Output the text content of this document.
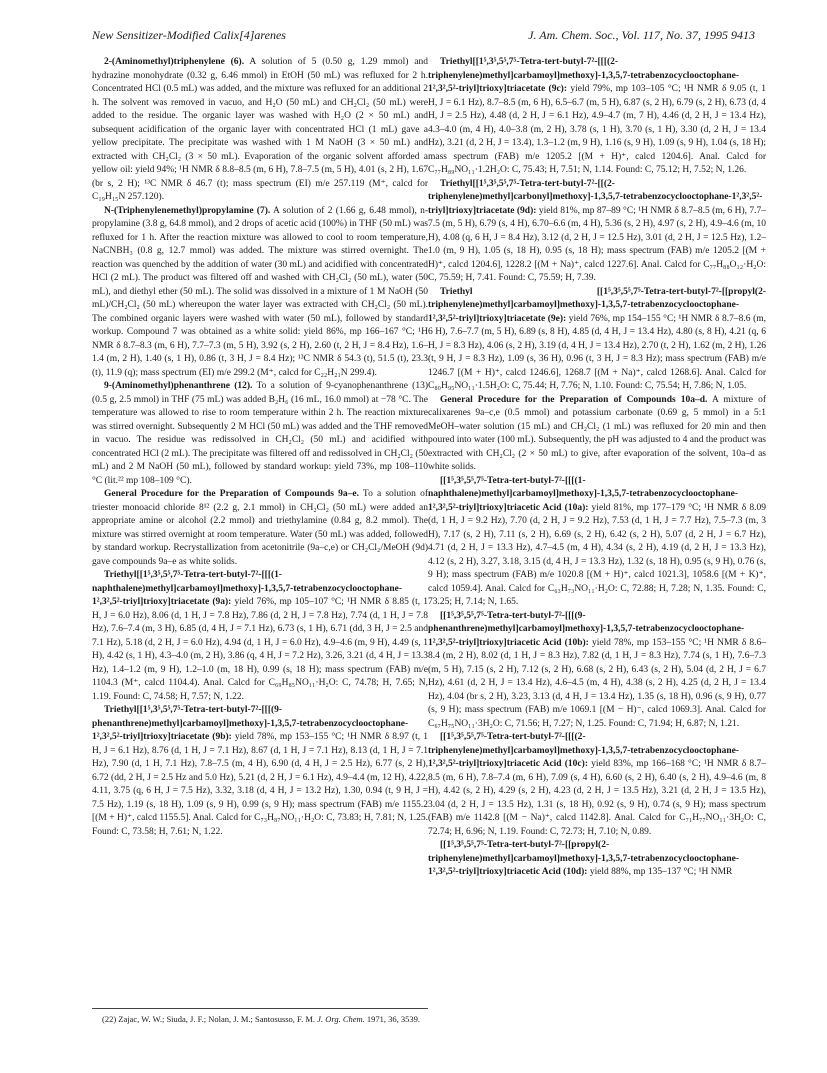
New Sensitizer-Modified Calix[4]arenes	J. Am. Chem. Soc., Vol. 117, No. 37, 1995 9413

2-(Aminomethyl)triphenylene (6). A solution of 5 (0.50 g, 1.29 mmol) and hydrazine monohydrate (0.32 g, 6.46 mmol) in EtOH (50 mL) was refluxed for 2 h. Concentrated HCl (0.5 mL) was added, and the mixture was refluxed for an additional 2 h. The solvent was removed in vacuo, and H₂O (50 mL) and CH₂Cl₂ (50 mL) were added to the residue. The organic layer was washed with H₂O (2 × 50 mL) and subsequent acidification of the organic layer with concentrated HCl (1 mL) gave a yellow precipitate. The precipitate was washed with 1 M NaOH (3 × 50 mL) and extracted with CH₂Cl₂ (3 × 50 mL). Evaporation of the organic solvent afforded a yellow oil: yield 94%; ¹H NMR δ 8.8–8.5 (m, 6 H), 7.8–7.5 (m, 5 H), 4.01 (s, 2 H), 1.67 (br s, 2 H); ¹³C NMR δ 46.7 (t); mass spectrum (EI) m/e 257.119 (M⁺, calcd for C₁₉H₁₅N 257.120).

N-(Triphenylenemethyl)propylamine (7). A solution of 2 (1.66 g, 6.48 mmol), n-propylamine (3.8 g, 64.8 mmol), and 2 drops of acetic acid (100%) in THF (50 mL) was refluxed for 1 h. After the reaction mixture was allowed to cool to room temperature, NaCNBH₃ (0.8 g, 12.7 mmol) was added. The mixture was stirred overnight. The reaction was quenched by the addition of water (30 mL) and acidified with concentrated HCl (2 mL). The product was filtered off and washed with CH₂Cl₂ (50 mL), water (50 mL), and diethyl ether (50 mL). The solid was dissolved in a mixture of 1 M NaOH (50 mL)/CH₂Cl₂ (50 mL) whereupon the water layer was extracted with CH₂Cl₂ (50 mL). The combined organic layers were washed with water (50 mL), followed by standard workup. Compound 7 was obtained as a white solid: yield 86%, mp 166–167 °C; ¹H NMR δ 8.7–8.3 (m, 6 H), 7.7–7.3 (m, 5 H), 3.92 (s, 2 H), 2.60 (t, 2 H, J = 8.4 Hz), 1.6–1.4 (m, 2 H), 1.40 (s, 1 H), 0.86 (t, 3 H, J = 8.4 Hz); ¹³C NMR δ 54.3 (t), 51.5 (t), 23.3 (t), 11.9 (q); mass spectrum (EI) m/e 299.2 (M⁺, calcd for C₂₂H₂₁N 299.4).

9-(Aminomethyl)phenanthrene (12). To a solution of 9-cyanophenanthrene (13) (0.5 g, 2.5 mmol) in THF (75 mL) was added B₂H₆ (16 mL, 16.0 mmol) at −78 °C. The temperature was allowed to rise to room temperature within 2 h. The reaction mixture was stirred overnight. Subsequently 2 M HCl (50 mL) was added and the THF removed in vacuo. The residue was redissolved in CH₂Cl₂ (50 mL) and acidified with concentrated HCl (2 mL). The precipitate was filtered off and redissolved in CH₂Cl₂ (50 mL) and 2 M NaOH (50 mL), followed by standard workup: yield 73%, mp 108–110 °C (lit.²² mp 108–109 °C).

General Procedure for the Preparation of Compounds 9a–e. To a solution of triester monoacid chloride 8¹² (2.2 g, 2.1 mmol) in CH₂Cl₂ (50 mL) were added an appropriate amine or alcohol (2.2 mmol) and triethylamine (0.84 g, 8.2 mmol). The mixture was stirred overnight at room temperature. Water (50 mL) was added, followed by standard workup. Recrystallization from acetonitrile (9a–c,e) or CH₂Cl₂/MeOH (9d) gave compounds 9a–e as white solids.

Triethyl[[1⁵,3⁵,5⁵,7⁵-Tetra-tert-butyl-7²-[[[(1-naphthalene)methyl]carbamoyl]methoxy]-1,3,5,7-tetrabenzocyclooctophane-1²,3²,5²-triyl]trioxy]triacetate (9a): yield 76%, mp 105–107 °C; ¹H NMR δ 8.85 (t, 1 H, J = 6.0 Hz), 8.06 (d, 1 H, J = 7.8 Hz), 7.86 (d, 2 H, J = 7.8 Hz), 7.74 (d, 1 H, J = 7.8 Hz), 7.6–7.4 (m, 3 H), 6.85 (d, 4 H, J = 7.1 Hz), 6.73 (s, 1 H), 6.71 (dd, 3 H, J = 2.5 and 7.1 Hz), 5.18 (d, 2 H, J = 6.0 Hz), 4.94 (d, 1 H, J = 6.0 Hz), 4.9–4.6 (m, 9 H), 4.49 (s, 1 H), 4.42 (s, 1 H), 4.3–4.0 (m, 2 H), 3.86 (q, 4 H, J = 7.2 Hz), 3.26, 3.21 (d, 4 H, J = 13.3 Hz), 1.4–1.2 (m, 9 H), 1.2–1.0 (m, 18 H), 0.99 (s, 18 H); mass spectrum (FAB) m/e 1104.3 (M⁺, calcd 1104.4). Anal. Calcd for C₆₉H₈₅NO₁₁·H₂O: C, 74.78; H, 7.65; N, 1.19. Found: C, 74.58; H, 7.57; N, 1.22.

Triethyl[[1⁵,3⁵,5⁵,7⁵-Tetra-tert-butyl-7²-[[[(9-phenanthrene)methyl]carbamoyl]methoxy]-1,3,5,7-tetrabenzocyclooctophane-1²,3²,5²-triyl]trioxy]triacetate (9b): yield 78%, mp 153–155 °C; ¹H NMR δ 8.97 (t, 1 H, J = 6.1 Hz), 8.76 (d, 1 H, J = 7.1 Hz), 8.67 (d, 1 H, J = 7.1 Hz), 8.13 (d, 1 H, J = 7.1 Hz), 7.90 (d, 1 H, 7.1 Hz), 7.8–7.5 (m, 4 H), 6.90 (d, 4 H, J = 2.5 Hz), 6.77 (s, 2 H), 6.72 (dd, 2 H, J = 2.5 Hz and 5.0 Hz), 5.21 (d, 2 H, J = 6.1 Hz), 4.9–4.4 (m, 12 H), 4.22, 4.11, 3.75 (q, 6 H, J = 7.5 Hz), 3.32, 3.18 (d, 4 H, J = 13.2 Hz), 1.30, 0.94 (t, 9 H, J = 7.5 Hz), 1.19 (s, 18 H), 1.09 (s, 9 H), 0.99 (s, 9 H); mass spectrum (FAB) m/e 1155.2 [(M + H)⁺, calcd 1155.5]. Anal. Calcd for C₇₃H₈₇NO₁₁·H₂O: C, 73.83; H, 7.81; N, 1.25. Found: C, 73.58; H, 7.61; N, 1.22.

(22) Zajac, W. W.; Siuda, J. F.; Nolan, J. M.; Santosusso, F. M. J. Org. Chem. 1971, 36, 3539.

Triethyl[[1⁵,3⁵,5⁵,7⁵-Tetra-tert-butyl-7²-[[[(2-triphenylene)methyl]carbamoyl]methoxy]-1,3,5,7-tetrabenzocyclooctophane-1²,3²,5²-triyl]trioxy]triacetate (9c): yield 79%, mp 103–105 °C; ¹H NMR δ 9.05 (t, 1 H, J = 6.1 Hz), 8.7–8.5 (m, 6 H), 6.5–6.7 (m, 5 H), 6.87 (s, 2 H), 6.79 (s, 2 H), 6.73 (d, 4 H, J = 2.5 Hz), 4.48 (d, 2 H, J = 6.1 Hz), 4.9–4.7 (m, 7 H), 4.46 (d, 2 H, J = 13.4 Hz), 4.3–4.0 (m, 4 H), 4.0–3.8 (m, 2 H), 3.78 (s, 1 H), 3.70 (s, 1 H), 3.30 (d, 2 H, J = 13.4 Hz), 3.21 (d, 2 H, J = 13.4), 1.3–1.2 (m, 9 H), 1.16 (s, 9 H), 1.09 (s, 9 H), 1.04 (s, 18 H); mass spectrum (FAB) m/e 1205.2 [(M + H)⁺, calcd 1204.6]. Anal. Calcd for C₇₇H₈₉NO₁₁·1.2H₂O: C, 75.43; H, 7.51; N, 1.14. Found: C, 75.12; H, 7.52; N, 1.26.

Triethyl[[1⁵,3⁵,5⁵,7⁵-Tetra-tert-butyl-7²-[[(2-triphenylene)methyl]carbonyl]methoxy]-1,3,5,7-tetrabenzocyclooctophane-1²,3²,5²-triyl]trioxy]triacetate (9d): yield 81%, mp 87–89 °C; ¹H NMR δ 8.7–8.5 (m, 6 H), 7.7–7.5 (m, 5 H), 6.79 (s, 4 H), 6.70–6.6 (m, 4 H), 5.36 (s, 2 H), 4.97 (s, 2 H), 4.9–4.6 (m, 10 H), 4.08 (q, 6 H, J = 8.4 Hz), 3.12 (d, 2 H, J = 12.5 Hz), 3.01 (d, 2 H, J = 12.5 Hz), 1.2–1.0 (m, 9 H), 1.05 (s, 18 H), 0.95 (s, 18 H); mass spectrum (FAB) m/e 1205.2 [(M + H)⁺, calcd 1204.6], 1228.2 [(M + Na)⁺, calcd 1227.6]. Anal. Calcd for C₇₇H₈₈O₁₂·H₂O: C, 75.59; H, 7.41. Found: C, 75.59; H, 7.39.

Triethyl [[1⁵,3⁵,5⁵,7⁵-Tetra-tert-butyl-7²-[[propyl(2-triphenylene)methyl]carbamoyl]methoxy]-1,3,5,7-tetrabenzocyclooctophane-1²,3²,5²-triyl]trioxy]triacetate (9e): yield 76%, mp 154–155 °C; ¹H NMR δ 8.7–8.6 (m, 6 H), 7.6–7.7 (m, 5 H), 6.89 (s, 8 H), 4.85 (d, 4 H, J = 13.4 Hz), 4.80 (s, 8 H), 4.21 (q, 6 H, J = 8.3 Hz), 4.06 (s, 2 H), 3.19 (d, 4 H, J = 13.4 Hz), 2.70 (t, 2 H), 1.62 (m, 2 H), 1.26 (t, 9 H, J = 8.3 Hz), 1.09 (s, 36 H), 0.96 (t, 3 H, J = 8.3 Hz); mass spectrum (FAB) m/e 1246.7 [(M + H)⁺, calcd 1246.6], 1268.7 [(M + Na)⁺, calcd 1268.6]. Anal. Calcd for C₈₀H₉₅NO₁₁·1.5H₂O: C, 75.44; H, 7.76; N, 1.10. Found: C, 75.54; H, 7.86; N, 1.05.

General Procedure for the Preparation of Compounds 10a–d. A mixture of calixarenes 9a–c,e (0.5 mmol) and potassium carbonate (0.69 g, 5 mmol) in a 5:1 MeOH–water solution (15 mL) and CH₂Cl₂ (1 mL) was refluxed for 20 min and then poured into water (100 mL). Subsequently, the pH was adjusted to 4 and the product was extracted with CH₂Cl₂ (2 × 50 mL) to give, after evaporation of the solvent, 10a–d as white solids.

[[1⁵,3⁵,5⁵,7⁵-Tetra-tert-butyl-7²-[[[(1-naphthalene)methyl]carbamoyl]methoxy]-1,3,5,7-tetrabenzocyclooctophane-1²,3²,5²-triyl]trioxy]triacetic Acid (10a): yield 81%, mp 177–179 °C; ¹H NMR δ 8.09 (d, 1 H, J = 9.2 Hz), 7.70 (d, 2 H, J = 9.2 Hz), 7.53 (d, 1 H, J = 7.7 Hz), 7.5–7.3 (m, 3 H), 7.17 (s, 2 H), 7.11 (s, 2 H), 6.69 (s, 2 H), 6.42 (s, 2 H), 5.07 (d, 2 H, J = 6.7 Hz), 4.71 (d, 2 H, J = 13.3 Hz), 4.7–4.5 (m, 4 H), 4.34 (s, 2 H), 4.19 (d, 2 H, J = 13.3 Hz), 4.12 (s, 2 H), 3.27, 3.18, 3.15 (d, 4 H, J = 13.3 Hz), 1.32 (s, 18 H), 0.95 (s, 9 H), 0.76 (s, 9 H); mass spectrum (FAB) m/e 1020.8 [(M + H)⁺, calcd 1021.3], 1058.6 [(M + K)⁺, calcd 1059.4]. Anal. Calcd for C₆₃H₇₃NO₁₁·H₂O: C, 72.88; H, 7.28; N, 1.35. Found: C, 73.25; H, 7.14; N, 1.65.

[[1⁵,3⁵,5⁵,7⁵-Tetra-tert-butyl-7²-[[[(9-phenanthrene)methyl]carbamoyl]methoxy]-1,3,5,7-tetrabenzocyclooctophane-1²,3²,5²-triyl]trioxy]triacetic Acid (10b): yield 78%, mp 153–155 °C; ¹H NMR δ 8.6–8.4 (m, 2 H), 8.02 (d, 1 H, J = 8.3 Hz), 7.82 (d, 1 H, J = 8.3 Hz), 7.74 (s, 1 H), 7.6–7.3 (m, 5 H), 7.15 (s, 2 H), 7.12 (s, 2 H), 6.68 (s, 2 H), 6.43 (s, 2 H), 5.04 (d, 2 H, J = 6.7 Hz), 4.61 (d, 2 H, J = 13.4 Hz), 4.6–4.5 (m, 4 H), 4.38 (s, 2 H), 4.25 (d, 2 H, J = 13.4 Hz), 4.04 (br s, 2 H), 3.23, 3.13 (d, 4 H, J = 13.4 Hz), 1.35 (s, 18 H), 0.96 (s, 9 H), 0.77 (s, 9 H); mass spectrum (FAB) m/e 1069.1 [(M − H)⁻, calcd 1069.3]. Anal. Calcd for C₆₇H₇₅NO₁₁·3H₂O: C, 71.56; H, 7.27; N, 1.25. Found: C, 71.94; H, 6.87; N, 1.21.

[[1⁵,3⁵,5⁵,7⁵-Tetra-tert-butyl-7²-[[[(2-triphenylene)methyl]carbamoyl]methoxy]-1,3,5,7-tetrabenzocyclooctophane-1²,3²,5²-triyl]trioxy]triacetic Acid (10c): yield 83%, mp 166–168 °C; ¹H NMR δ 8.7–8.5 (m, 6 H), 7.8–7.4 (m, 6 H), 7.09 (s, 4 H), 6.60 (s, 2 H), 6.40 (s, 2 H), 4.9–4.6 (m, 8 H), 4.42 (s, 2 H), 4.29 (s, 2 H), 4.23 (d, 2 H, J = 13.5 Hz), 3.21 (d, 2 H, J = 13.5 Hz), 3.04 (d, 2 H, J = 13.5 Hz), 1.31 (s, 18 H), 0.92 (s, 9 H), 0.74 (s, 9 H); mass spectrum (FAB) m/e 1142.8 [(M − Na)⁺, calcd 1142.8]. Anal. Calcd for C₇₁H₇₇NO₁₁·3H₂O: C, 72.74; H, 6.96; N, 1.19. Found: C, 72.73; H, 7.10; N, 0.89.

[[1⁵,3⁵,5⁵,7⁵-Tetra-tert-butyl-7²-[[propyl(2-triphenylene)methyl]carbamoyl]methoxy]-1,3,5,7-tetrabenzocyclooctophane-1²,3²,5²-triyl]trioxy]triacetic Acid (10d): yield 88%, mp 135–137 °C; ¹H NMR
